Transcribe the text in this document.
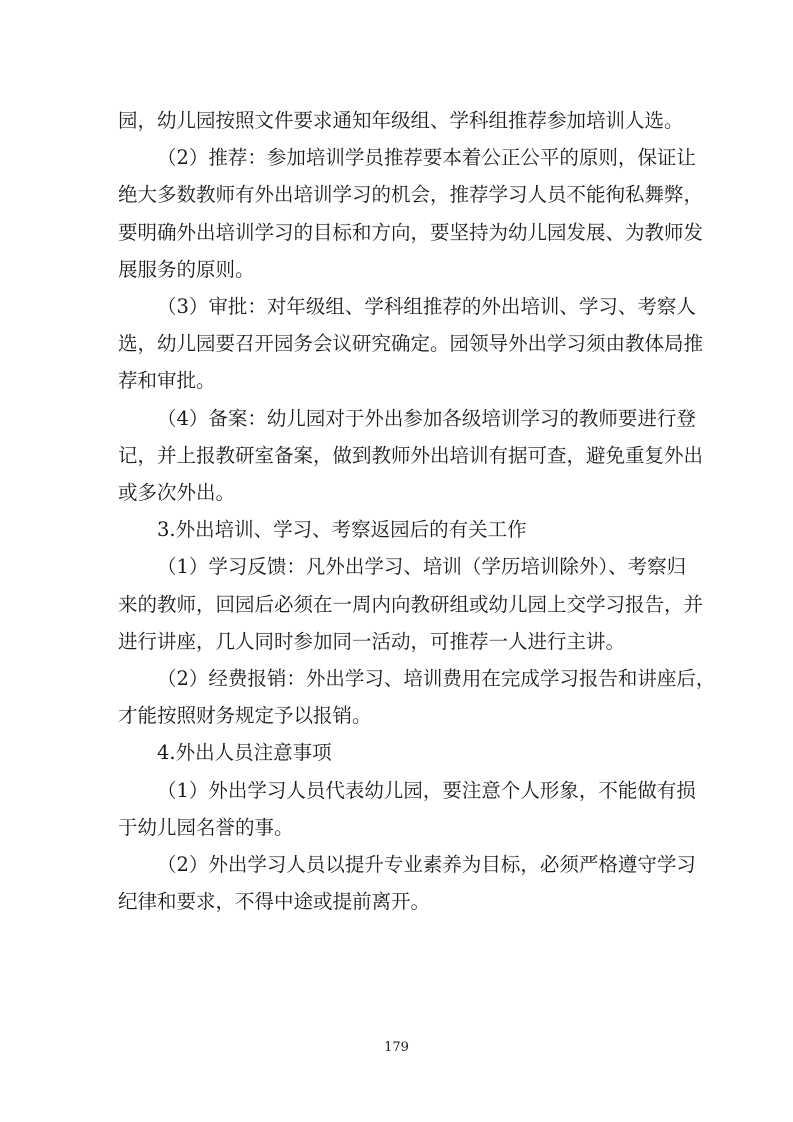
园，幼儿园按照文件要求通知年级组、学科组推荐参加培训人选。
（2）推荐：参加培训学员推荐要本着公正公平的原则，保证让
绝大多数教师有外出培训学习的机会，推荐学习人员不能徇私舞弊，
要明确外出培训学习的目标和方向，要坚持为幼儿园发展、为教师发
展服务的原则。
（3）审批：对年级组、学科组推荐的外出培训、学习、考察人
选，幼儿园要召开园务会议研究确定。园领导外出学习须由教体局推
荐和审批。
（4）备案：幼儿园对于外出参加各级培训学习的教师要进行登
记，并上报教研室备案，做到教师外出培训有据可查，避免重复外出
或多次外出。
3.外出培训、学习、考察返园后的有关工作
（1）学习反馈：凡外出学习、培训（学历培训除外）、考察归
来的教师，回园后必须在一周内向教研组或幼儿园上交学习报告，并
进行讲座，几人同时参加同一活动，可推荐一人进行主讲。
（2）经费报销：外出学习、培训费用在完成学习报告和讲座后，
才能按照财务规定予以报销。
4.外出人员注意事项
（1）外出学习人员代表幼儿园，要注意个人形象，不能做有损
于幼儿园名誉的事。
（2）外出学习人员以提升专业素养为目标，必须严格遵守学习
纪律和要求，不得中途或提前离开。
179
